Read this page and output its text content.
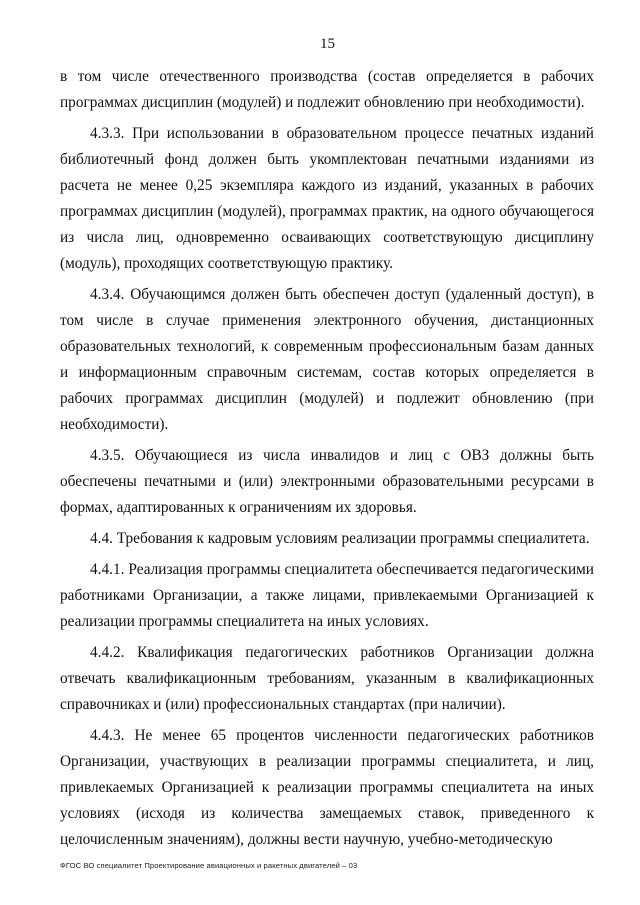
15

в том числе отечественного производства (состав определяется в рабочих программах дисциплин (модулей) и подлежит обновлению при необходимости).

4.3.3. При использовании в образовательном процессе печатных изданий библиотечный фонд должен быть укомплектован печатными изданиями из расчета не менее 0,25 экземпляра каждого из изданий, указанных в рабочих программах дисциплин (модулей), программах практик, на одного обучающегося из числа лиц, одновременно осваивающих соответствующую дисциплину (модуль), проходящих соответствующую практику.

4.3.4. Обучающимся должен быть обеспечен доступ (удаленный доступ), в том числе в случае применения электронного обучения, дистанционных образовательных технологий, к современным профессиональным базам данных и информационным справочным системам, состав которых определяется в рабочих программах дисциплин (модулей) и подлежит обновлению (при необходимости).

4.3.5. Обучающиеся из числа инвалидов и лиц с ОВЗ должны быть обеспечены печатными и (или) электронными образовательными ресурсами в формах, адаптированных к ограничениям их здоровья.

4.4. Требования к кадровым условиям реализации программы специалитета.

4.4.1. Реализация программы специалитета обеспечивается педагогическими работниками Организации, а также лицами, привлекаемыми Организацией к реализации программы специалитета на иных условиях.

4.4.2. Квалификация педагогических работников Организации должна отвечать квалификационным требованиям, указанным в квалификационных справочниках и (или) профессиональных стандартах (при наличии).

4.4.3. Не менее 65 процентов численности педагогических работников Организации, участвующих в реализации программы специалитета, и лиц, привлекаемых Организацией к реализации программы специалитета на иных условиях (исходя из количества замещаемых ставок, приведенного к целочисленным значениям), должны вести научную, учебно-методическую

ФГОС ВО специалитет Проектирование авиационных и ракетных двигателей – 03
